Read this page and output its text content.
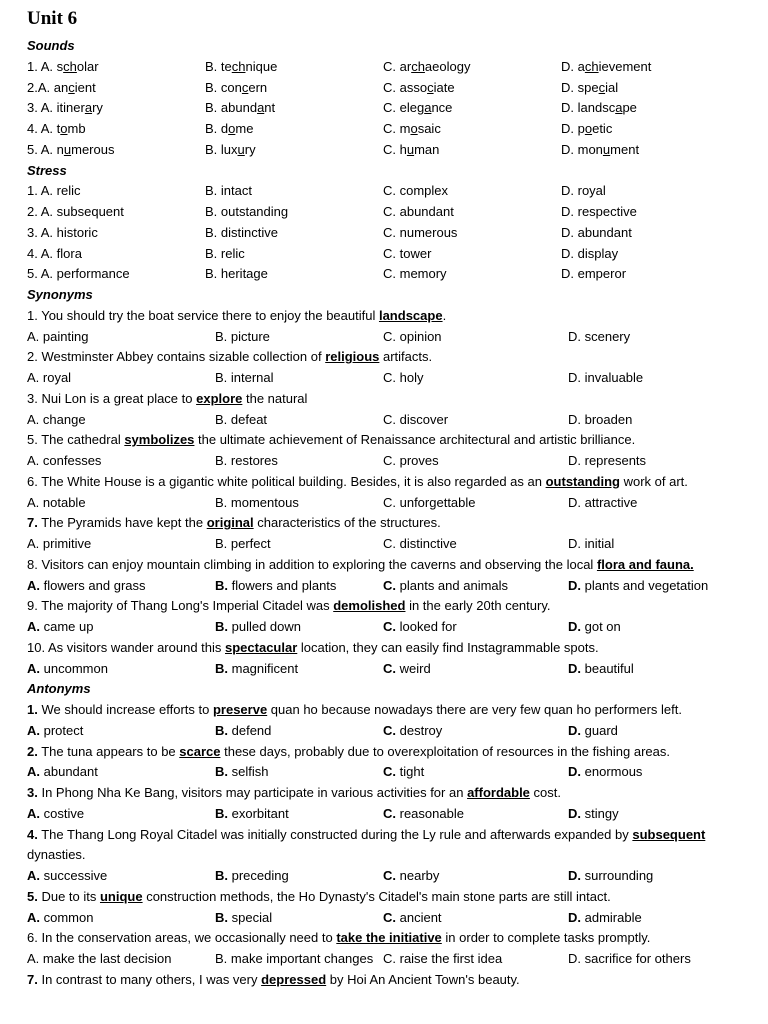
Unit 6
Sounds
1. A. scholar	B. technique	C. archaeology	D. achievement
2.A. ancient	B. concern	C. associate	D. special
3. A. itinerary	B. abundant	C. elegance	D. landscape
4. A. tomb	B. dome	C. mosaic	D. poetic
5. A. numerous	B. luxury	C. human	D. monument
Stress
1. A. relic	B. intact	C. complex	D. royal
2. A. subsequent	B. outstanding	C. abundant	D. respective
3. A. historic	B. distinctive	C. numerous	D. abundant
4. A. flora	B. relic	C. tower	D. display
5. A. performance	B. heritage	C. memory	D. emperor
Synonyms
1. You should try the boat service there to enjoy the beautiful landscape.
A. painting	B. picture	C. opinion	D. scenery
2. Westminster Abbey contains sizable collection of religious artifacts.
A. royal	B. internal	C. holy	D. invaluable
3. Nui Lon is a great place to explore the natural
A. change	B. defeat	C. discover	D. broaden
5. The cathedral symbolizes the ultimate achievement of Renaissance architectural and artistic brilliance.
A. confesses	B. restores	C. proves	D. represents
6. The White House is a gigantic white political building. Besides, it is also regarded as an outstanding work of art.
A. notable	B. momentous	C. unforgettable	D. attractive
7. The Pyramids have kept the original characteristics of the structures.
A. primitive	B. perfect	C. distinctive	D. initial
8. Visitors can enjoy mountain climbing in addition to exploring the caverns and observing the local flora and fauna.
A. flowers and grass	B. flowers and plants	C. plants and animals	D. plants and vegetation
9. The majority of Thang Long's Imperial Citadel was demolished in the early 20th century.
A. came up	B. pulled down	C. looked for	D. got on
10. As visitors wander around this spectacular location, they can easily find Instagrammable spots.
A. uncommon	B. magnificent	C. weird	D. beautiful
Antonyms
1. We should increase efforts to preserve quan ho because nowadays there are very few quan ho performers left.
A. protect	B. defend	C. destroy	D. guard
2. The tuna appears to be scarce these days, probably due to overexploitation of resources in the fishing areas.
A. abundant	B. selfish	C. tight	D. enormous
3. In Phong Nha Ke Bang, visitors may participate in various activities for an affordable cost.
A. costive	B. exorbitant	C. reasonable	D. stingy
4. The Thang Long Royal Citadel was initially constructed during the Ly rule and afterwards expanded by subsequent dynasties.
A. successive	B. preceding	C. nearby	D. surrounding
5. Due to its unique construction methods, the Ho Dynasty's Citadel's main stone parts are still intact.
A. common	B. special	C. ancient	D. admirable
6. In the conservation areas, we occasionally need to take the initiative in order to complete tasks promptly.
A. make the last decision	B. make important changes C. raise the first idea	D. sacrifice for others
7. In contrast to many others, I was very depressed by Hoi An Ancient Town's beauty.
